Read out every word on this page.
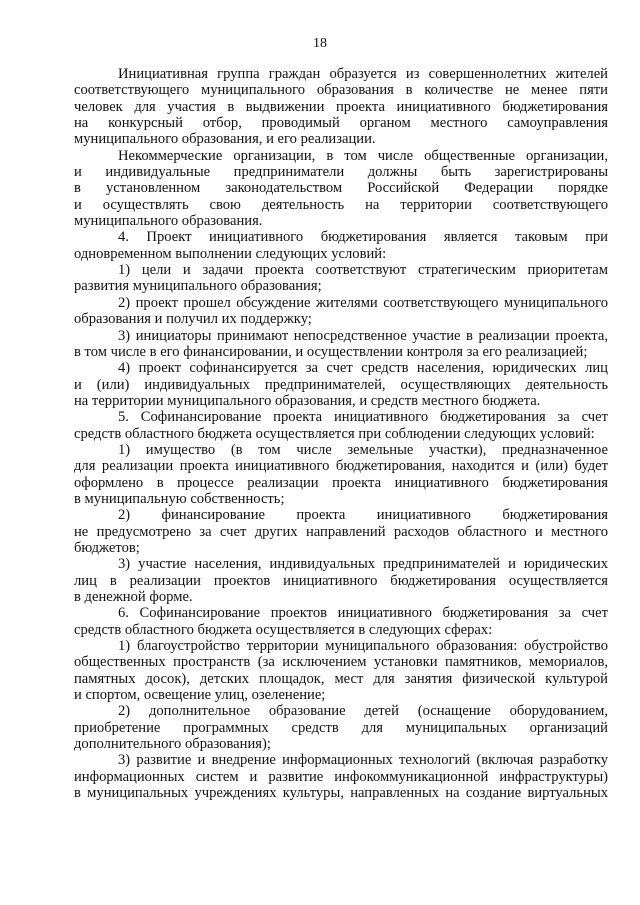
18

Инициативная группа граждан образуется из совершеннолетних жителей

соответствующего муниципального образования в количестве не менее пяти

человек для участия в выдвижении проекта инициативного бюджетирования

на конкурсный отбор, проводимый органом местного самоуправления

муниципального образования, и его реализации.

Некоммерческие организации, в том числе общественные организации,

и индивидуальные предприниматели должны быть зарегистрированы

в установленном законодательством Российской Федерации порядке

и осуществлять свою деятельность на территории соответствующего

муниципального образования.

4. Проект инициативного бюджетирования является таковым при

одновременном выполнении следующих условий:

1) цели и задачи проекта соответствуют стратегическим приоритетам

развития муниципального образования;

2) проект прошел обсуждение жителями соответствующего муниципального

образования и получил их поддержку;

3) инициаторы принимают непосредственное участие в реализации проекта,

в том числе в его финансировании, и осуществлении контроля за его реализацией;

4) проект софинансируется за счет средств населения, юридических лиц

и (или) индивидуальных предпринимателей, осуществляющих деятельность

на территории муниципального образования, и средств местного бюджета.

5. Софинансирование проекта инициативного бюджетирования за счет

средств областного бюджета осуществляется при соблюдении следующих условий:

1) имущество (в том числе земельные участки), предназначенное

для реализации проекта инициативного бюджетирования, находится и (или) будет

оформлено в процессе реализации проекта инициативного бюджетирования

в муниципальную собственность;

2) финансирование проекта инициативного бюджетирования

не предусмотрено за счет других направлений расходов областного и местного

бюджетов;

3) участие населения, индивидуальных предпринимателей и юридических

лиц в реализации проектов инициативного бюджетирования осуществляется

в денежной форме.

6. Софинансирование проектов инициативного бюджетирования за счет

средств областного бюджета осуществляется в следующих сферах:

1) благоустройство территории муниципального образования: обустройство

общественных пространств (за исключением установки памятников, мемориалов,

памятных досок), детских площадок, мест для занятия физической культурой

и спортом, освещение улиц, озеленение;

2) дополнительное образование детей (оснащение оборудованием,

приобретение программных средств для муниципальных организаций

дополнительного образования);

3) развитие и внедрение информационных технологий (включая разработку

информационных систем и развитие инфокоммуникационной инфраструктуры)

в муниципальных учреждениях культуры, направленных на создание виртуальных
